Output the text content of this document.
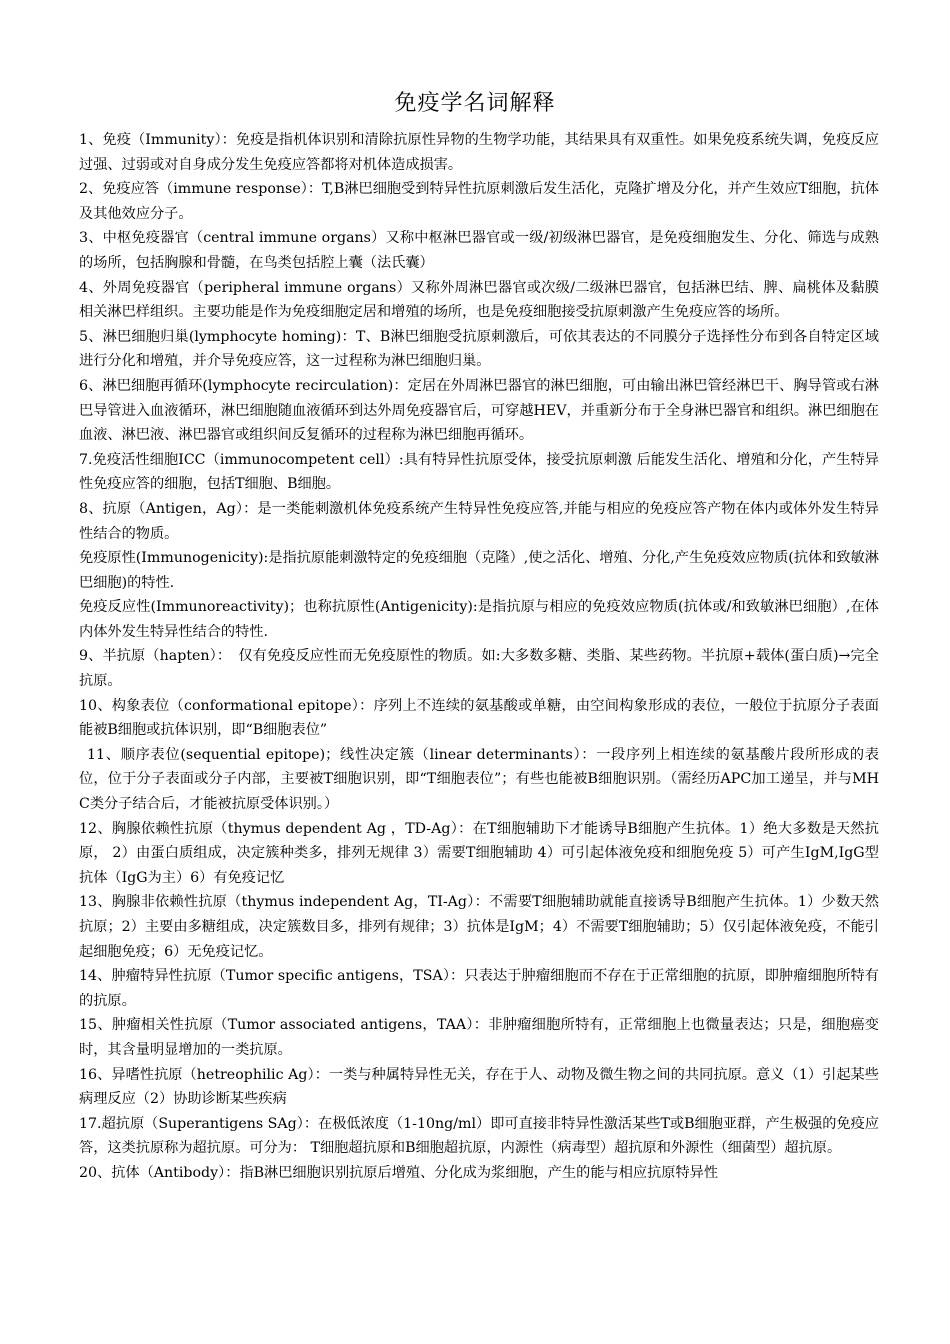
免疫学名词解释

1、免疫（Immunity）：免疫是指机体识别和清除抗原性异物的生物学功能，其结果具有双重性。如果免疫系统失调，免疫反应过强、过弱或对自身成分发生免疫应答都将对机体造成损害。

2、免疫应答（immune response）：T,B淋巴细胞受到特异性抗原刺激后发生活化，克隆扩增及分化，并产生效应T细胞，抗体及其他效应分子。

3、中枢免疫器官（central immune organs）又称中枢淋巴器官或一级/初级淋巴器官，是免疫细胞发生、分化、筛选与成熟的场所，包括胸腺和骨髓，在鸟类包括腔上囊（法氏囊）

4、外周免疫器官（peripheral immune organs）又称外周淋巴器官或次级/二级淋巴器官，包括淋巴结、脾、扁桃体及黏膜相关淋巴样组织。主要功能是作为免疫细胞定居和增殖的场所，也是免疫细胞接受抗原刺激产生免疫应答的场所。

5、淋巴细胞归巢(lymphocyte homing)：T、B淋巴细胞受抗原刺激后，可依其表达的不同膜分子选择性分布到各自特定区域进行分化和增殖，并介导免疫应答，这一过程称为淋巴细胞归巢。

6、淋巴细胞再循环(lymphocyte recirculation)：定居在外周淋巴器官的淋巴细胞，可由输出淋巴管经淋巴干、胸导管或右淋巴导管进入血液循环，淋巴细胞随血液循环到达外周免疫器官后，可穿越HEV，并重新分布于全身淋巴器官和组织。淋巴细胞在血液、淋巴液、淋巴器官或组织间反复循环的过程称为淋巴细胞再循环。

7.免疫活性细胞ICC（immunocompetent cell）:具有特异性抗原受体，接受抗原刺激 后能发生活化、增殖和分化，产生特异性免疫应答的细胞，包括T细胞、B细胞。

8、抗原（Antigen，Ag）：是一类能刺激机体免疫系统产生特异性免疫应答,并能与相应的免疫应答产物在体内或体外发生特异性结合的物质。

免疫原性(Immunogenicity):是指抗原能刺激特定的免疫细胞（克隆）,使之活化、增殖、分化,产生免疫效应物质(抗体和致敏淋巴细胞)的特性.

免疫反应性(Immunoreactivity)；也称抗原性(Antigenicity):是指抗原与相应的免疫效应物质(抗体或/和致敏淋巴细胞）,在体内体外发生特异性结合的特性.

9、半抗原（hapten）：　仅有免疫反应性而无免疫原性的物质。如:大多数多糖、类脂、某些药物。半抗原+载体(蛋白质)→完全抗原。

10、构象表位（conformational epitope）：序列上不连续的氨基酸或单糖，由空间构象形成的表位，一般位于抗原分子表面能被B细胞或抗体识别，即“B细胞表位”

11、顺序表位(sequential epitope)；线性决定簇（linear determinants）：一段序列上相连续的氨基酸片段所形成的表位，位于分子表面或分子内部，主要被T细胞识别，即“T细胞表位”；有些也能被B细胞识别。（需经历APC加工递呈，并与MHC类分子结合后，才能被抗原受体识别。）

12、胸腺依赖性抗原（thymus dependent Ag ，TD-Ag）：在T细胞辅助下才能诱导B细胞产生抗体。1）绝大多数是天然抗原， 2）由蛋白质组成，决定簇种类多，排列无规律 3）需要T细胞辅助 4）可引起体液免疫和细胞免疫 5）可产生IgM,IgG型抗体（IgG为主）6）有免疫记忆

13、胸腺非依赖性抗原（thymus independent Ag，TI-Ag）：不需要T细胞辅助就能直接诱导B细胞产生抗体。1）少数天然抗原；2）主要由多糖组成，决定簇数目多，排列有规律；3）抗体是IgM；4）不需要T细胞辅助；5）仅引起体液免疫，不能引起细胞免疫；6）无免疫记忆。

14、肿瘤特异性抗原（Tumor specific antigens，TSA）：只表达于肿瘤细胞而不存在于正常细胞的抗原，即肿瘤细胞所特有的抗原。

15、肿瘤相关性抗原（Tumor associated antigens，TAA）：非肿瘤细胞所特有，正常细胞上也微量表达；只是，细胞癌变时，其含量明显增加的一类抗原。

16、异嗜性抗原（hetreophilic Ag）：一类与种属特异性无关，存在于人、动物及微生物之间的共同抗原。意义（1）引起某些病理反应（2）协助诊断某些疾病

17.超抗原（Superantigens SAg）：在极低浓度（1-10ng/ml）即可直接非特异性激活某些T或B细胞亚群，产生极强的免疫应答，这类抗原称为超抗原。可分为： T细胞超抗原和B细胞超抗原，内源性（病毒型）超抗原和外源性（细菌型）超抗原。

20、抗体（Antibody）：指B淋巴细胞识别抗原后增殖、分化成为浆细胞，产生的能与相应抗原特异性
